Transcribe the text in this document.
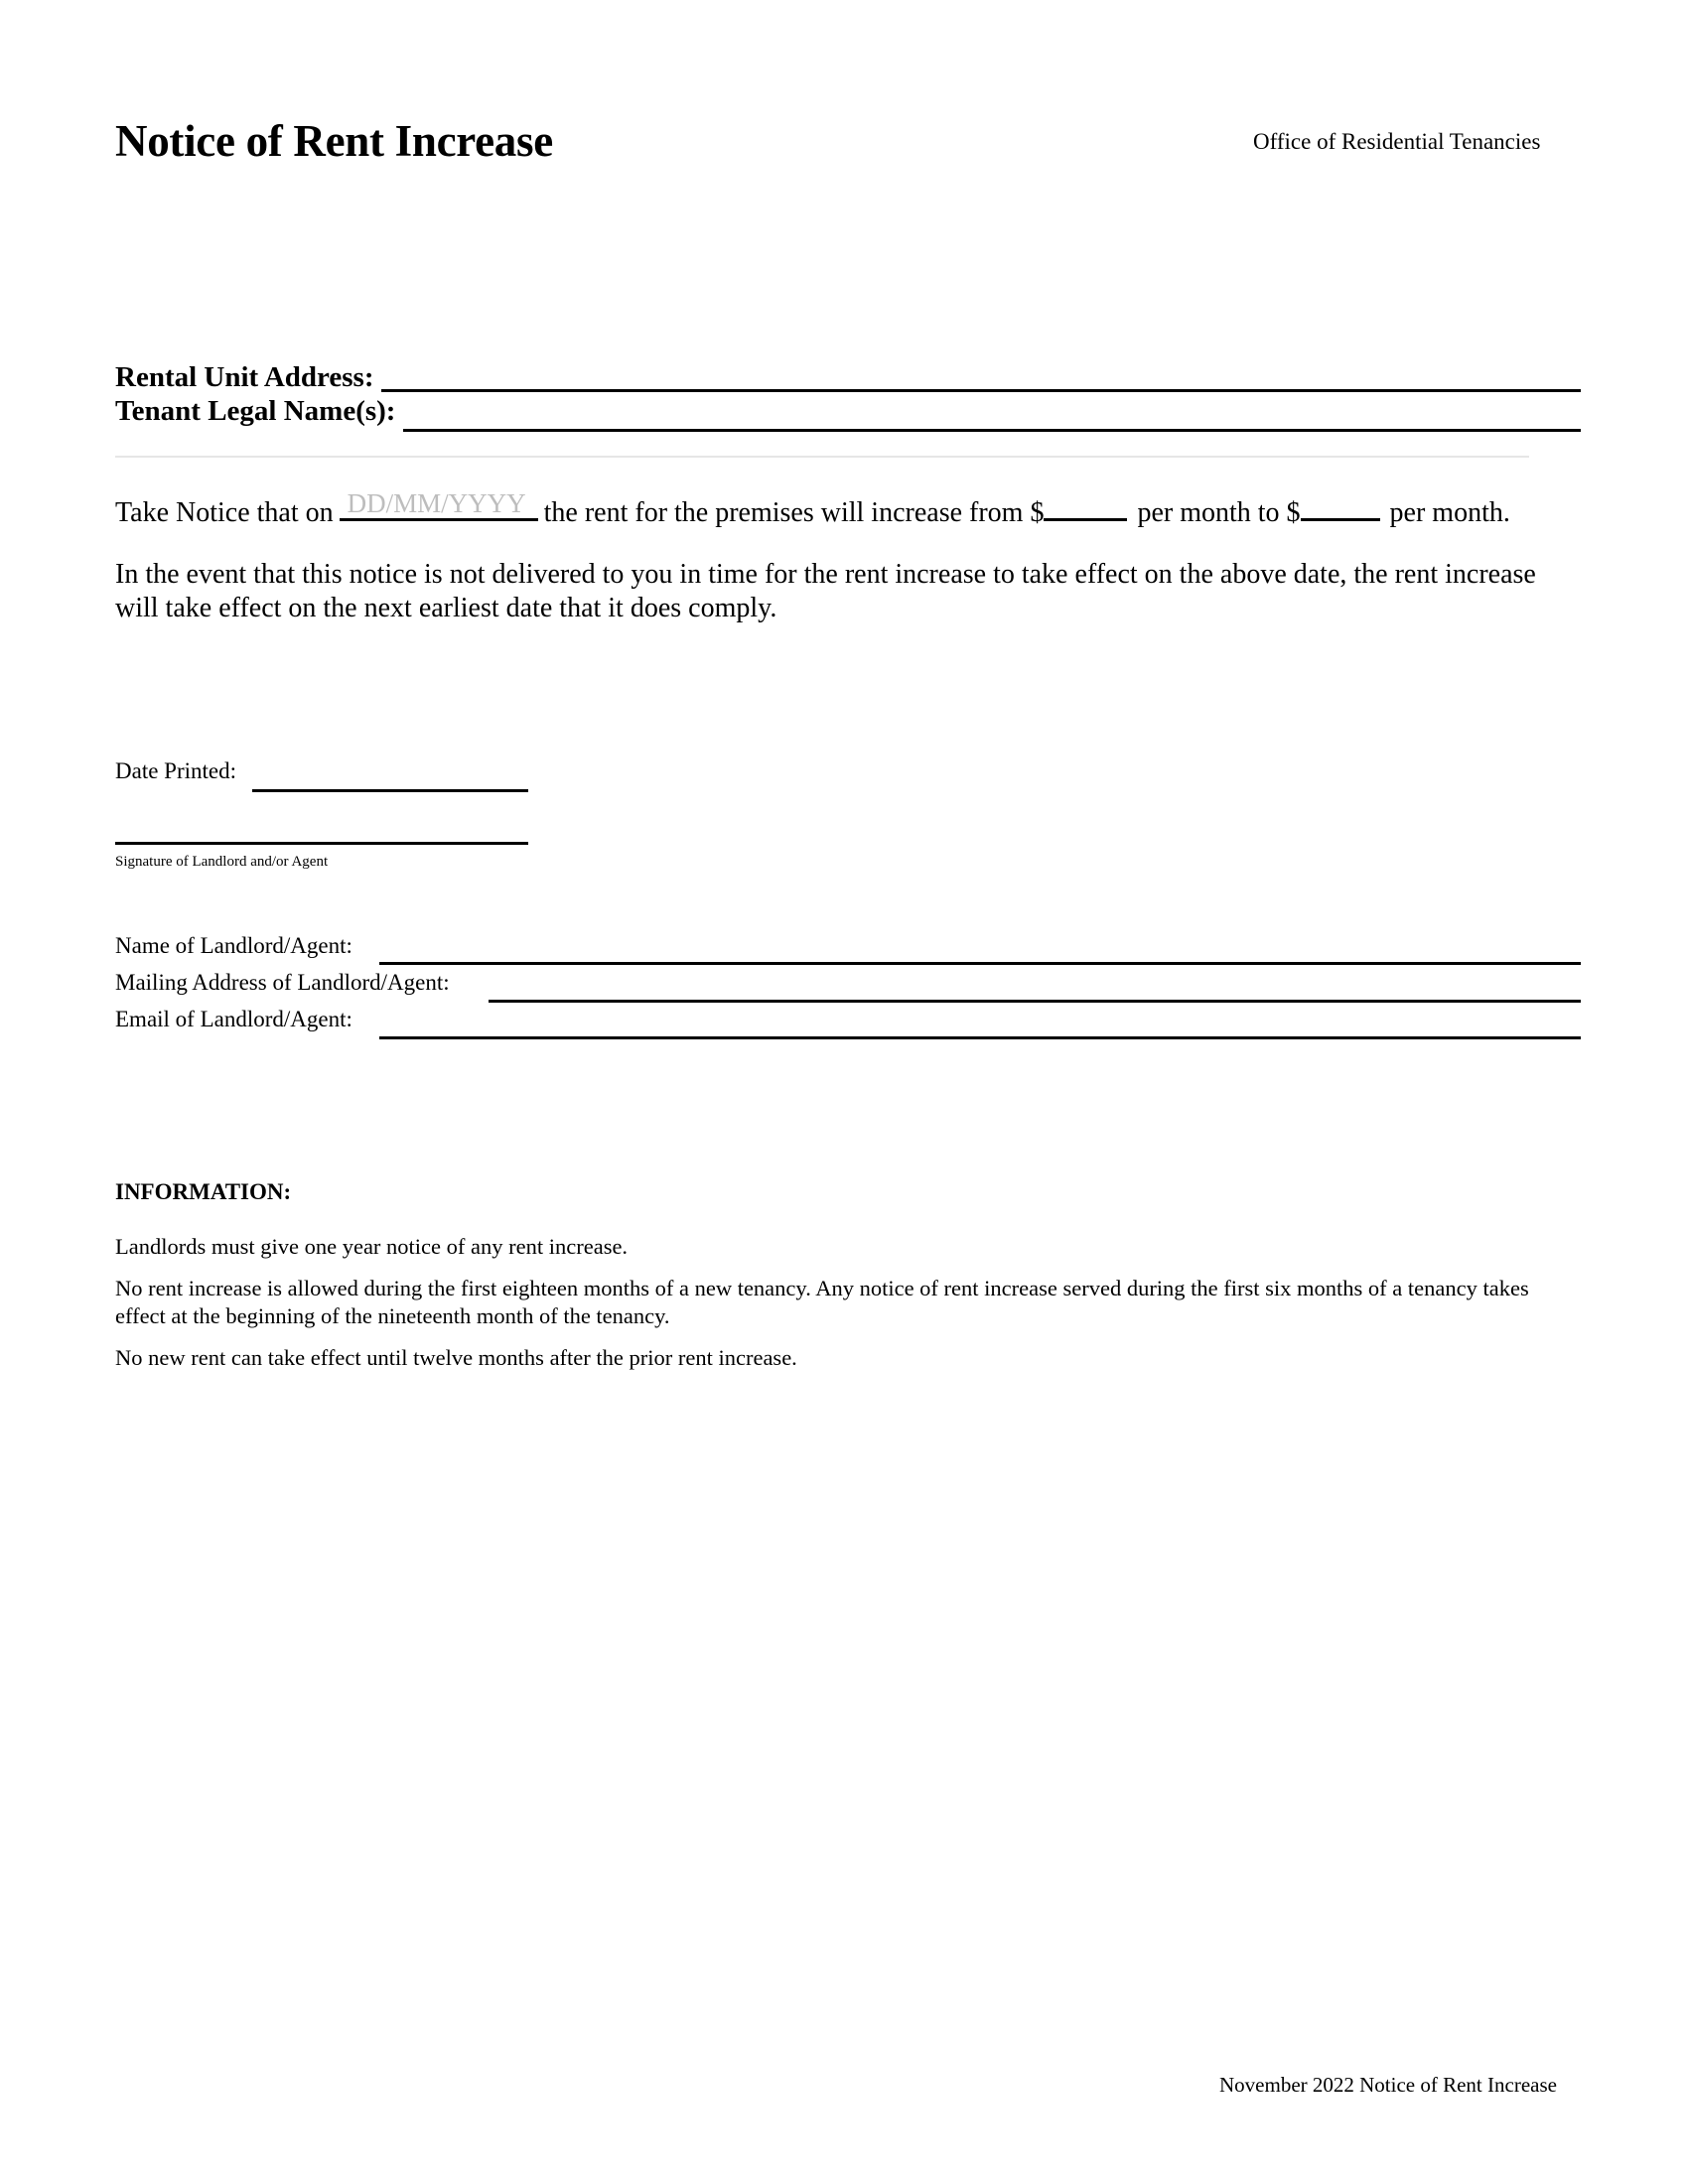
Notice of Rent Increase	Office of Residential Tenancies
Rental Unit Address:
Tenant Legal Name(s):
Take Notice that on DD/MM/YYYY the rent for the premises will increase from $	per month to $	per month.
In the event that this notice is not delivered to you in time for the rent increase to take effect on the above date, the rent increase will take effect on the next earliest date that it does comply.
Date Printed:
Signature of Landlord and/or Agent
Name of Landlord/Agent:
Mailing Address of Landlord/Agent:
Email of Landlord/Agent:
INFORMATION:
Landlords must give one year notice of any rent increase.
No rent increase is allowed during the first eighteen months of a new tenancy. Any notice of rent increase served during the first six months of a tenancy takes effect at the beginning of the nineteenth month of the tenancy.
No new rent can take effect until twelve months after the prior rent increase.
November 2022 Notice of Rent Increase
